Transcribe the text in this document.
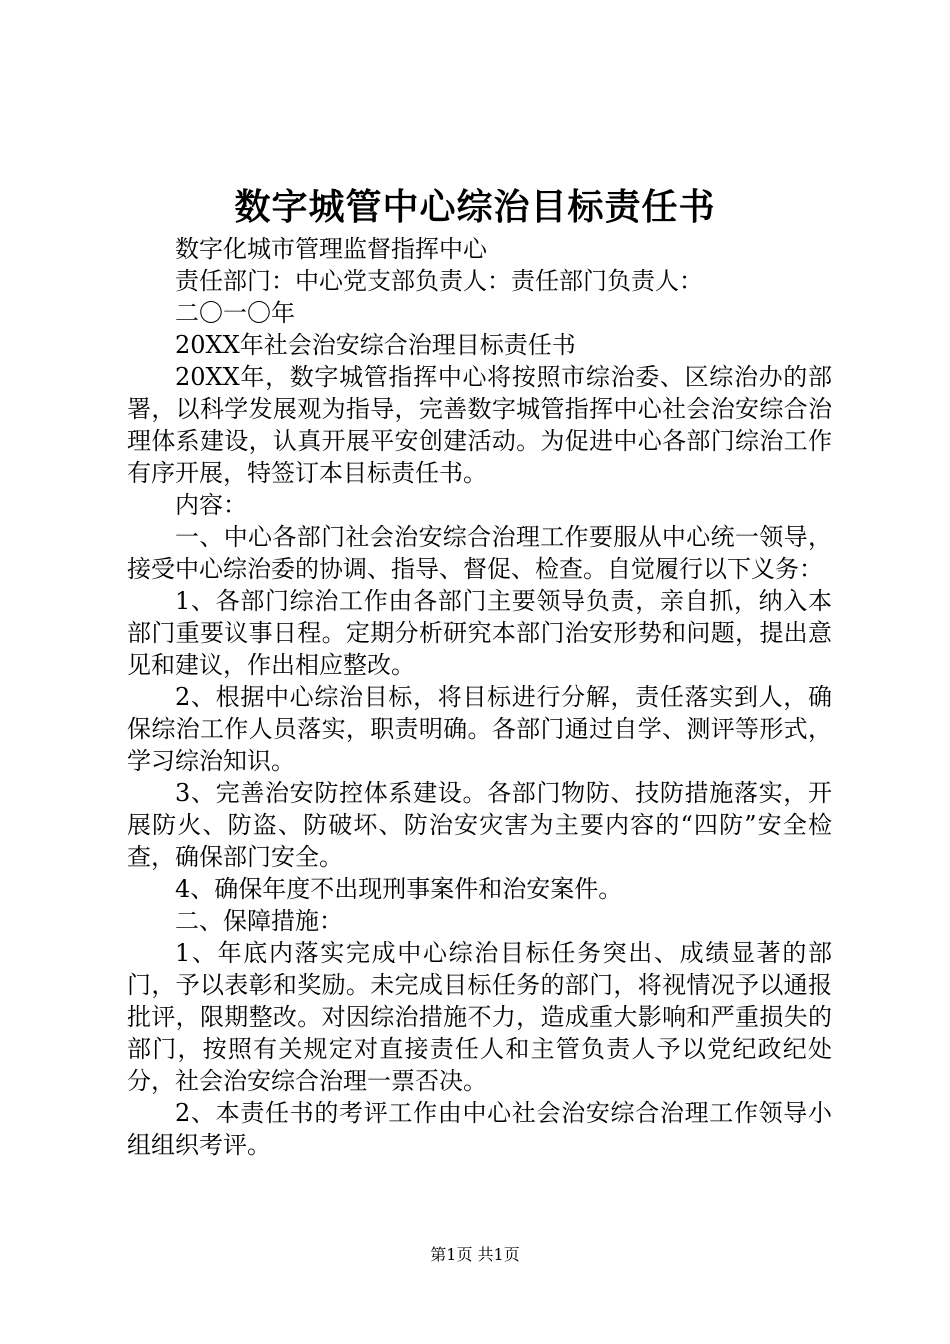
数字城管中心综治目标责任书

数字化城市管理监督指挥中心

责任部门：中心党支部负责人：责任部门负责人：

二〇一〇年

20XX年社会治安综合治理目标责任书

20XX年，数字城管指挥中心将按照市综治委、区综治办的部署，以科学发展观为指导，完善数字城管指挥中心社会治安综合治理体系建设，认真开展平安创建活动。为促进中心各部门综治工作有序开展，特签订本目标责任书。

内容：

一、中心各部门社会治安综合治理工作要服从中心统一领导，接受中心综治委的协调、指导、督促、检查。自觉履行以下义务：

1、各部门综治工作由各部门主要领导负责，亲自抓，纳入本部门重要议事日程。定期分析研究本部门治安形势和问题，提出意见和建议，作出相应整改。

2、根据中心综治目标，将目标进行分解，责任落实到人，确保综治工作人员落实，职责明确。各部门通过自学、测评等形式，学习综治知识。

3、完善治安防控体系建设。各部门物防、技防措施落实，开展防火、防盗、防破坏、防治安灾害为主要内容的“四防”安全检查，确保部门安全。

4、确保年度不出现刑事案件和治安案件。

二、保障措施：

1、年底内落实完成中心综治目标任务突出、成绩显著的部门，予以表彰和奖励。未完成目标任务的部门，将视情况予以通报批评，限期整改。对因综治措施不力，造成重大影响和严重损失的部门，按照有关规定对直接责任人和主管负责人予以党纪政纪处分，社会治安综合治理一票否决。

2、本责任书的考评工作由中心社会治安综合治理工作领导小组组织考评。

第1页 共1页
